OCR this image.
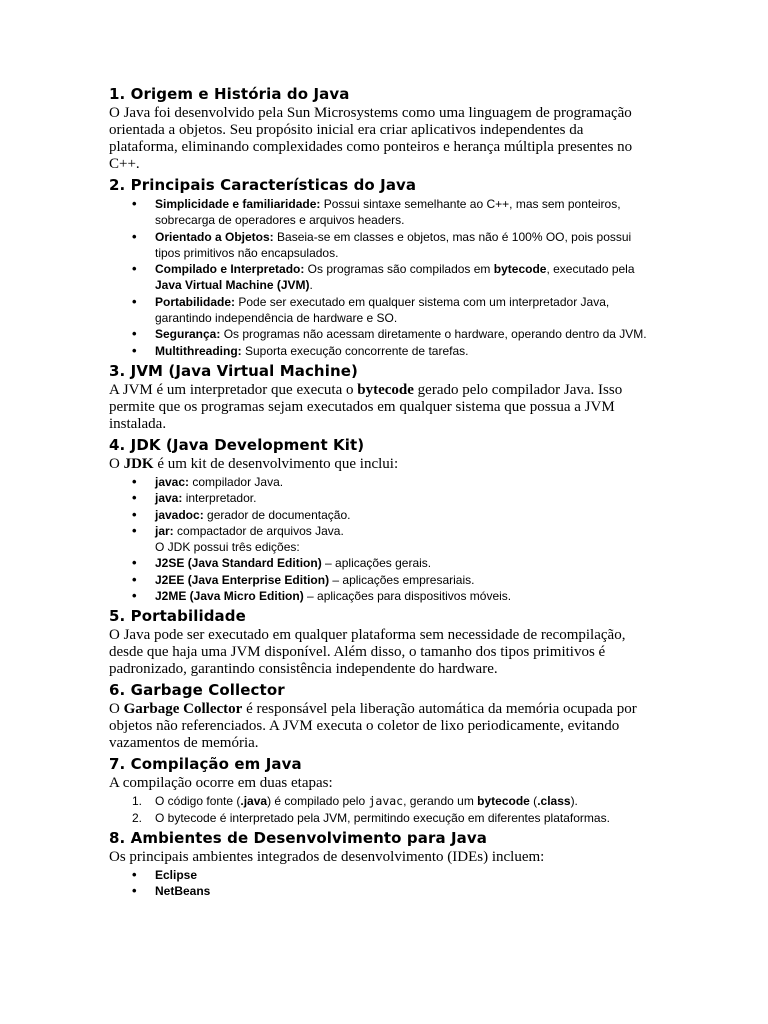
1. Origem e História do Java

O Java foi desenvolvido pela Sun Microsystems como uma linguagem de programação orientada a objetos. Seu propósito inicial era criar aplicativos independentes da plataforma, eliminando complexidades como ponteiros e herança múltipla presentes no C++.

2. Principais Características do Java
• Simplicidade e familiaridade: Possui sintaxe semelhante ao C++, mas sem ponteiros, sobrecarga de operadores e arquivos headers.
• Orientado a Objetos: Baseia-se em classes e objetos, mas não é 100% OO, pois possui tipos primitivos não encapsulados.
• Compilado e Interpretado: Os programas são compilados em bytecode, executado pela Java Virtual Machine (JVM).
• Portabilidade: Pode ser executado em qualquer sistema com um interpretador Java, garantindo independência de hardware e SO.
• Segurança: Os programas não acessam diretamente o hardware, operando dentro da JVM.
• Multithreading: Suporta execução concorrente de tarefas.
3. JVM (Java Virtual Machine)

A JVM é um interpretador que executa o bytecode gerado pelo compilador Java. Isso permite que os programas sejam executados em qualquer sistema que possua a JVM instalada.

4. JDK (Java Development Kit)

O JDK é um kit de desenvolvimento que inclui:

• javac: compilador Java.
• java: interpretador.
• javadoc: gerador de documentação.
• jar: compactador de arquivos Java.
O JDK possui três edições:
• J2SE (Java Standard Edition) – aplicações gerais.
• J2EE (Java Enterprise Edition) – aplicações empresariais.
• J2ME (Java Micro Edition) – aplicações para dispositivos móveis.
5. Portabilidade

O Java pode ser executado em qualquer plataforma sem necessidade de recompilação, desde que haja uma JVM disponível. Além disso, o tamanho dos tipos primitivos é padronizado, garantindo consistência independente do hardware.

6. Garbage Collector

O Garbage Collector é responsável pela liberação automática da memória ocupada por objetos não referenciados. A JVM executa o coletor de lixo periodicamente, evitando vazamentos de memória.

7. Compilação em Java

A compilação ocorre em duas etapas:

1. O código fonte (.java) é compilado pelo javac, gerando um bytecode (.class).
2. O bytecode é interpretado pela JVM, permitindo execução em diferentes plataformas.
8. Ambientes de Desenvolvimento para Java

Os principais ambientes integrados de desenvolvimento (IDEs) incluem:

• Eclipse
• NetBeans
